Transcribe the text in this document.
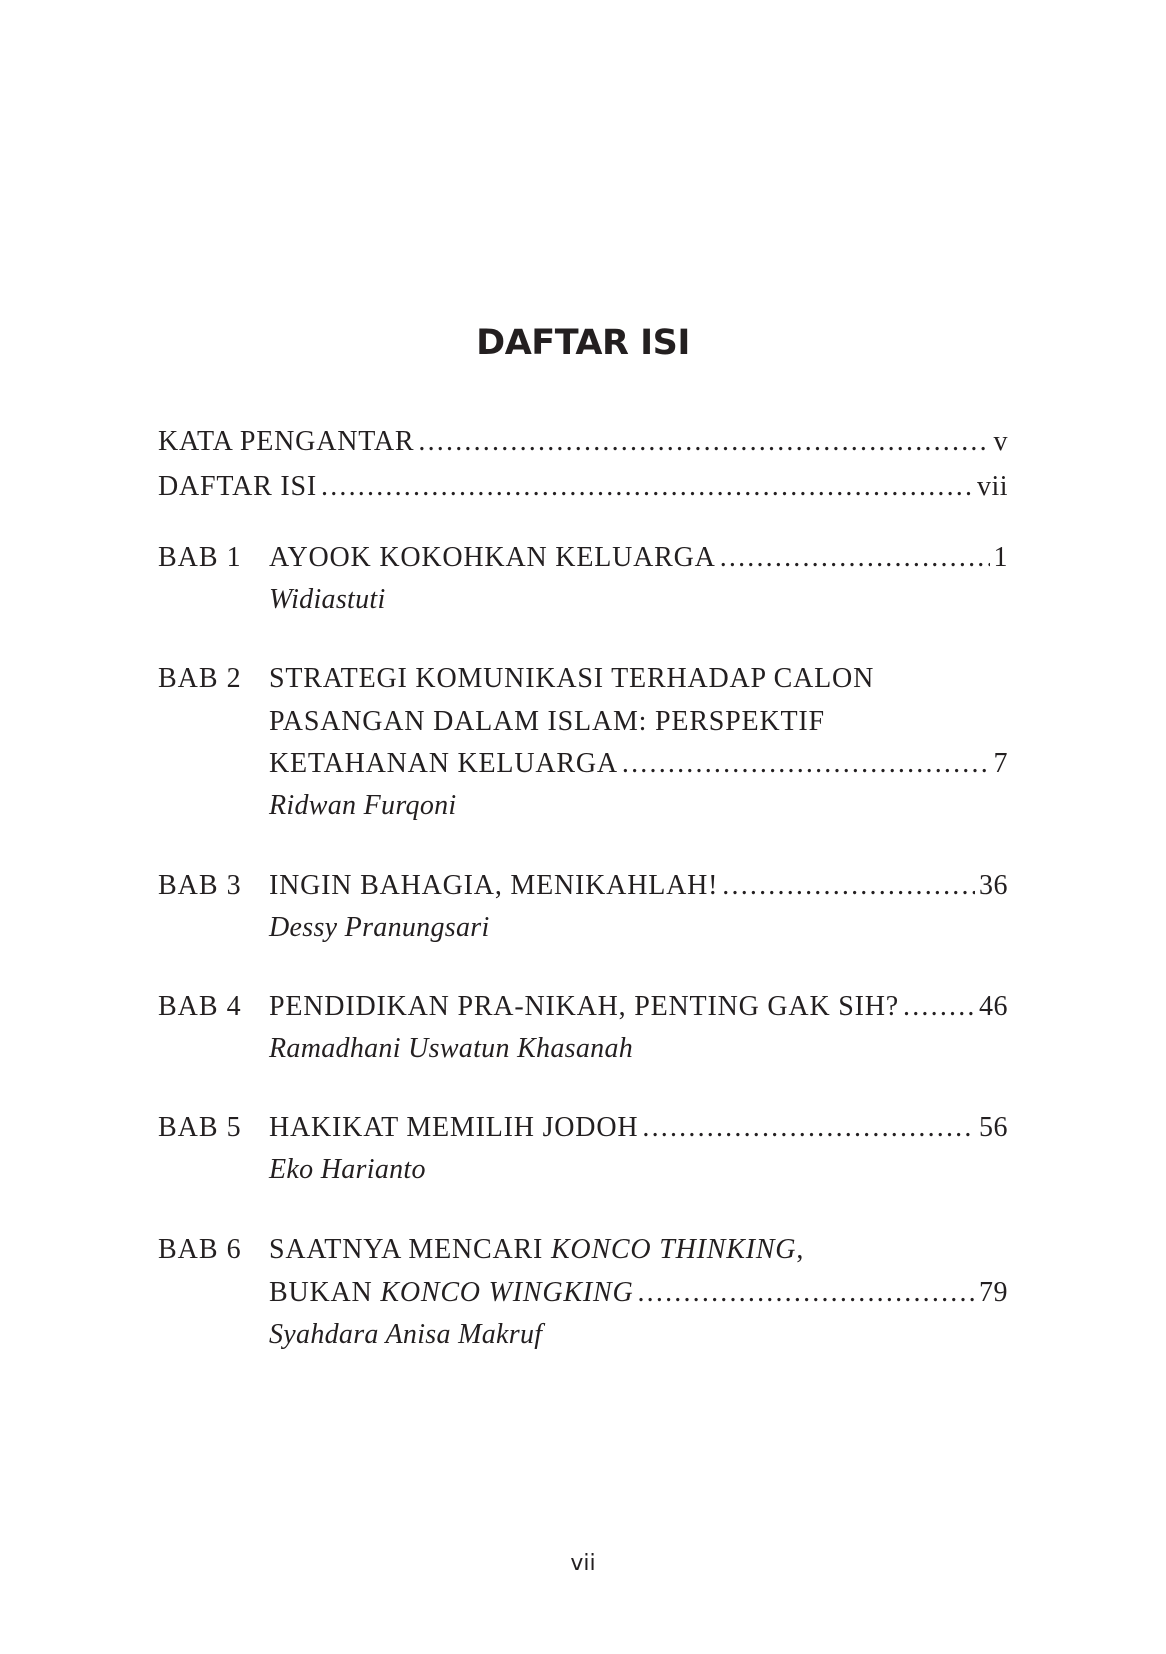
DAFTAR ISI
KATA PENGANTAR .....	v
DAFTAR ISI .....	vii
BAB 1 AYOOK KOKOHKAN KELUARGA .....	1
Widiastuti
BAB 2 STRATEGI KOMUNIKASI TERHADAP CALON
PASANGAN DALAM ISLAM: PERSPEKTIF
KETAHANAN KELUARGA .....	7
Ridwan Furqoni
BAB 3 INGIN BAHAGIA, MENIKAHLAH! .....	36
Dessy Pranungsari
BAB 4 PENDIDIKAN PRA-NIKAH, PENTING GAK SIH? .....	46
Ramadhani Uswatun Khasanah
BAB 5 HAKIKAT MEMILIH JODOH .....	56
Eko Harianto
BAB 6 SAATNYA MENCARI KONCO THINKING,
BUKAN KONCO WINGKING .....	79
Syahdara Anisa Makruf
vii
